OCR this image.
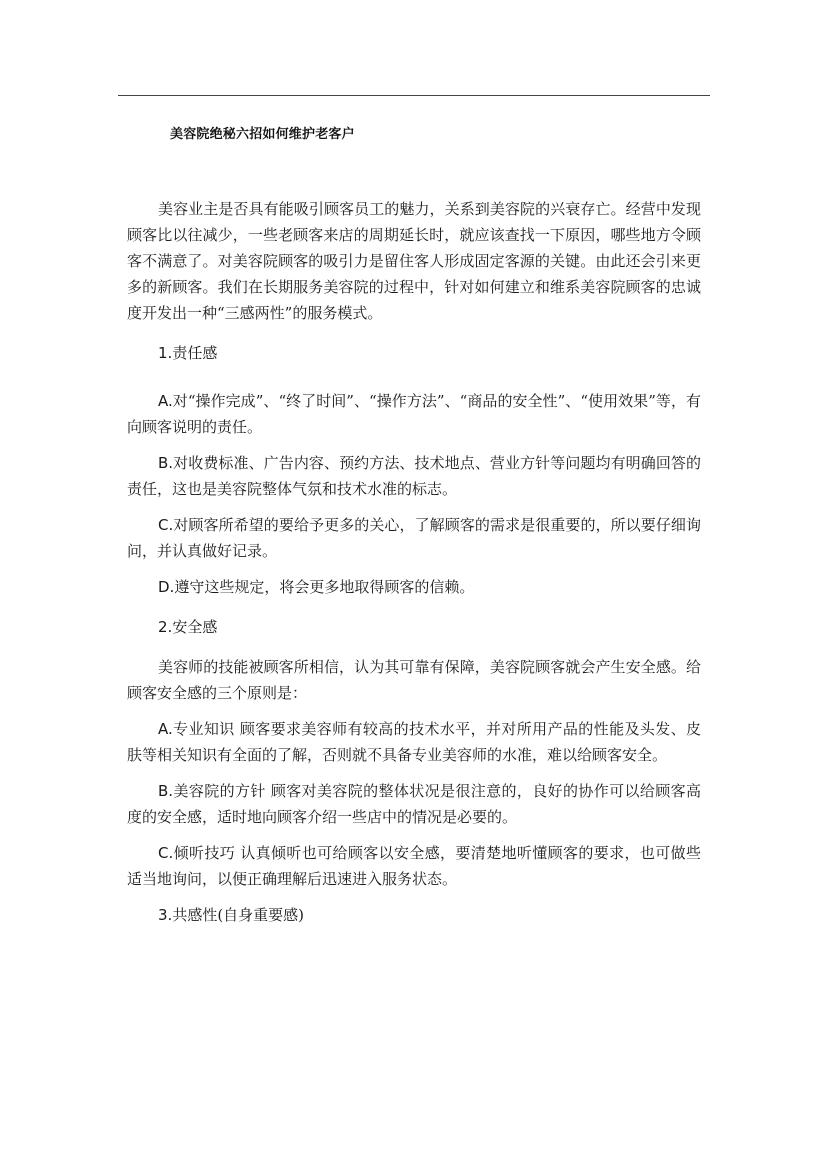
美容院绝秘六招如何维护老客户

美容业主是否具有能吸引顾客员工的魅力，关系到美容院的兴衰存亡。经营中发现顾客比以往减少，一些老顾客来店的周期延长时，就应该查找一下原因，哪些地方令顾客不满意了。对美容院顾客的吸引力是留住客人形成固定客源的关键。由此还会引来更多的新顾客。我们在长期服务美容院的过程中，针对如何建立和维系美容院顾客的忠诚度开发出一种“三感两性”的服务模式。

1.责任感

A.对“操作完成”、“终了时间”、“操作方法”、“商品的安全性”、“使用效果”等，有向顾客说明的责任。

B.对收费标准、广告内容、预约方法、技术地点、营业方针等问题均有明确回答的责任，这也是美容院整体气氛和技术水准的标志。

C.对顾客所希望的要给予更多的关心，了解顾客的需求是很重要的，所以要仔细询问，并认真做好记录。

D.遵守这些规定，将会更多地取得顾客的信赖。

2.安全感

美容师的技能被顾客所相信，认为其可靠有保障，美容院顾客就会产生安全感。给顾客安全感的三个原则是：

A.专业知识 顾客要求美容师有较高的技术水平，并对所用产品的性能及头发、皮肤等相关知识有全面的了解，否则就不具备专业美容师的水准，难以给顾客安全。

B.美容院的方针 顾客对美容院的整体状况是很注意的，良好的协作可以给顾客高度的安全感，适时地向顾客介绍一些店中的情况是必要的。

C.倾听技巧 认真倾听也可给顾客以安全感，要清楚地听懂顾客的要求，也可做些适当地询问，以便正确理解后迅速进入服务状态。

3.共感性(自身重要感)
